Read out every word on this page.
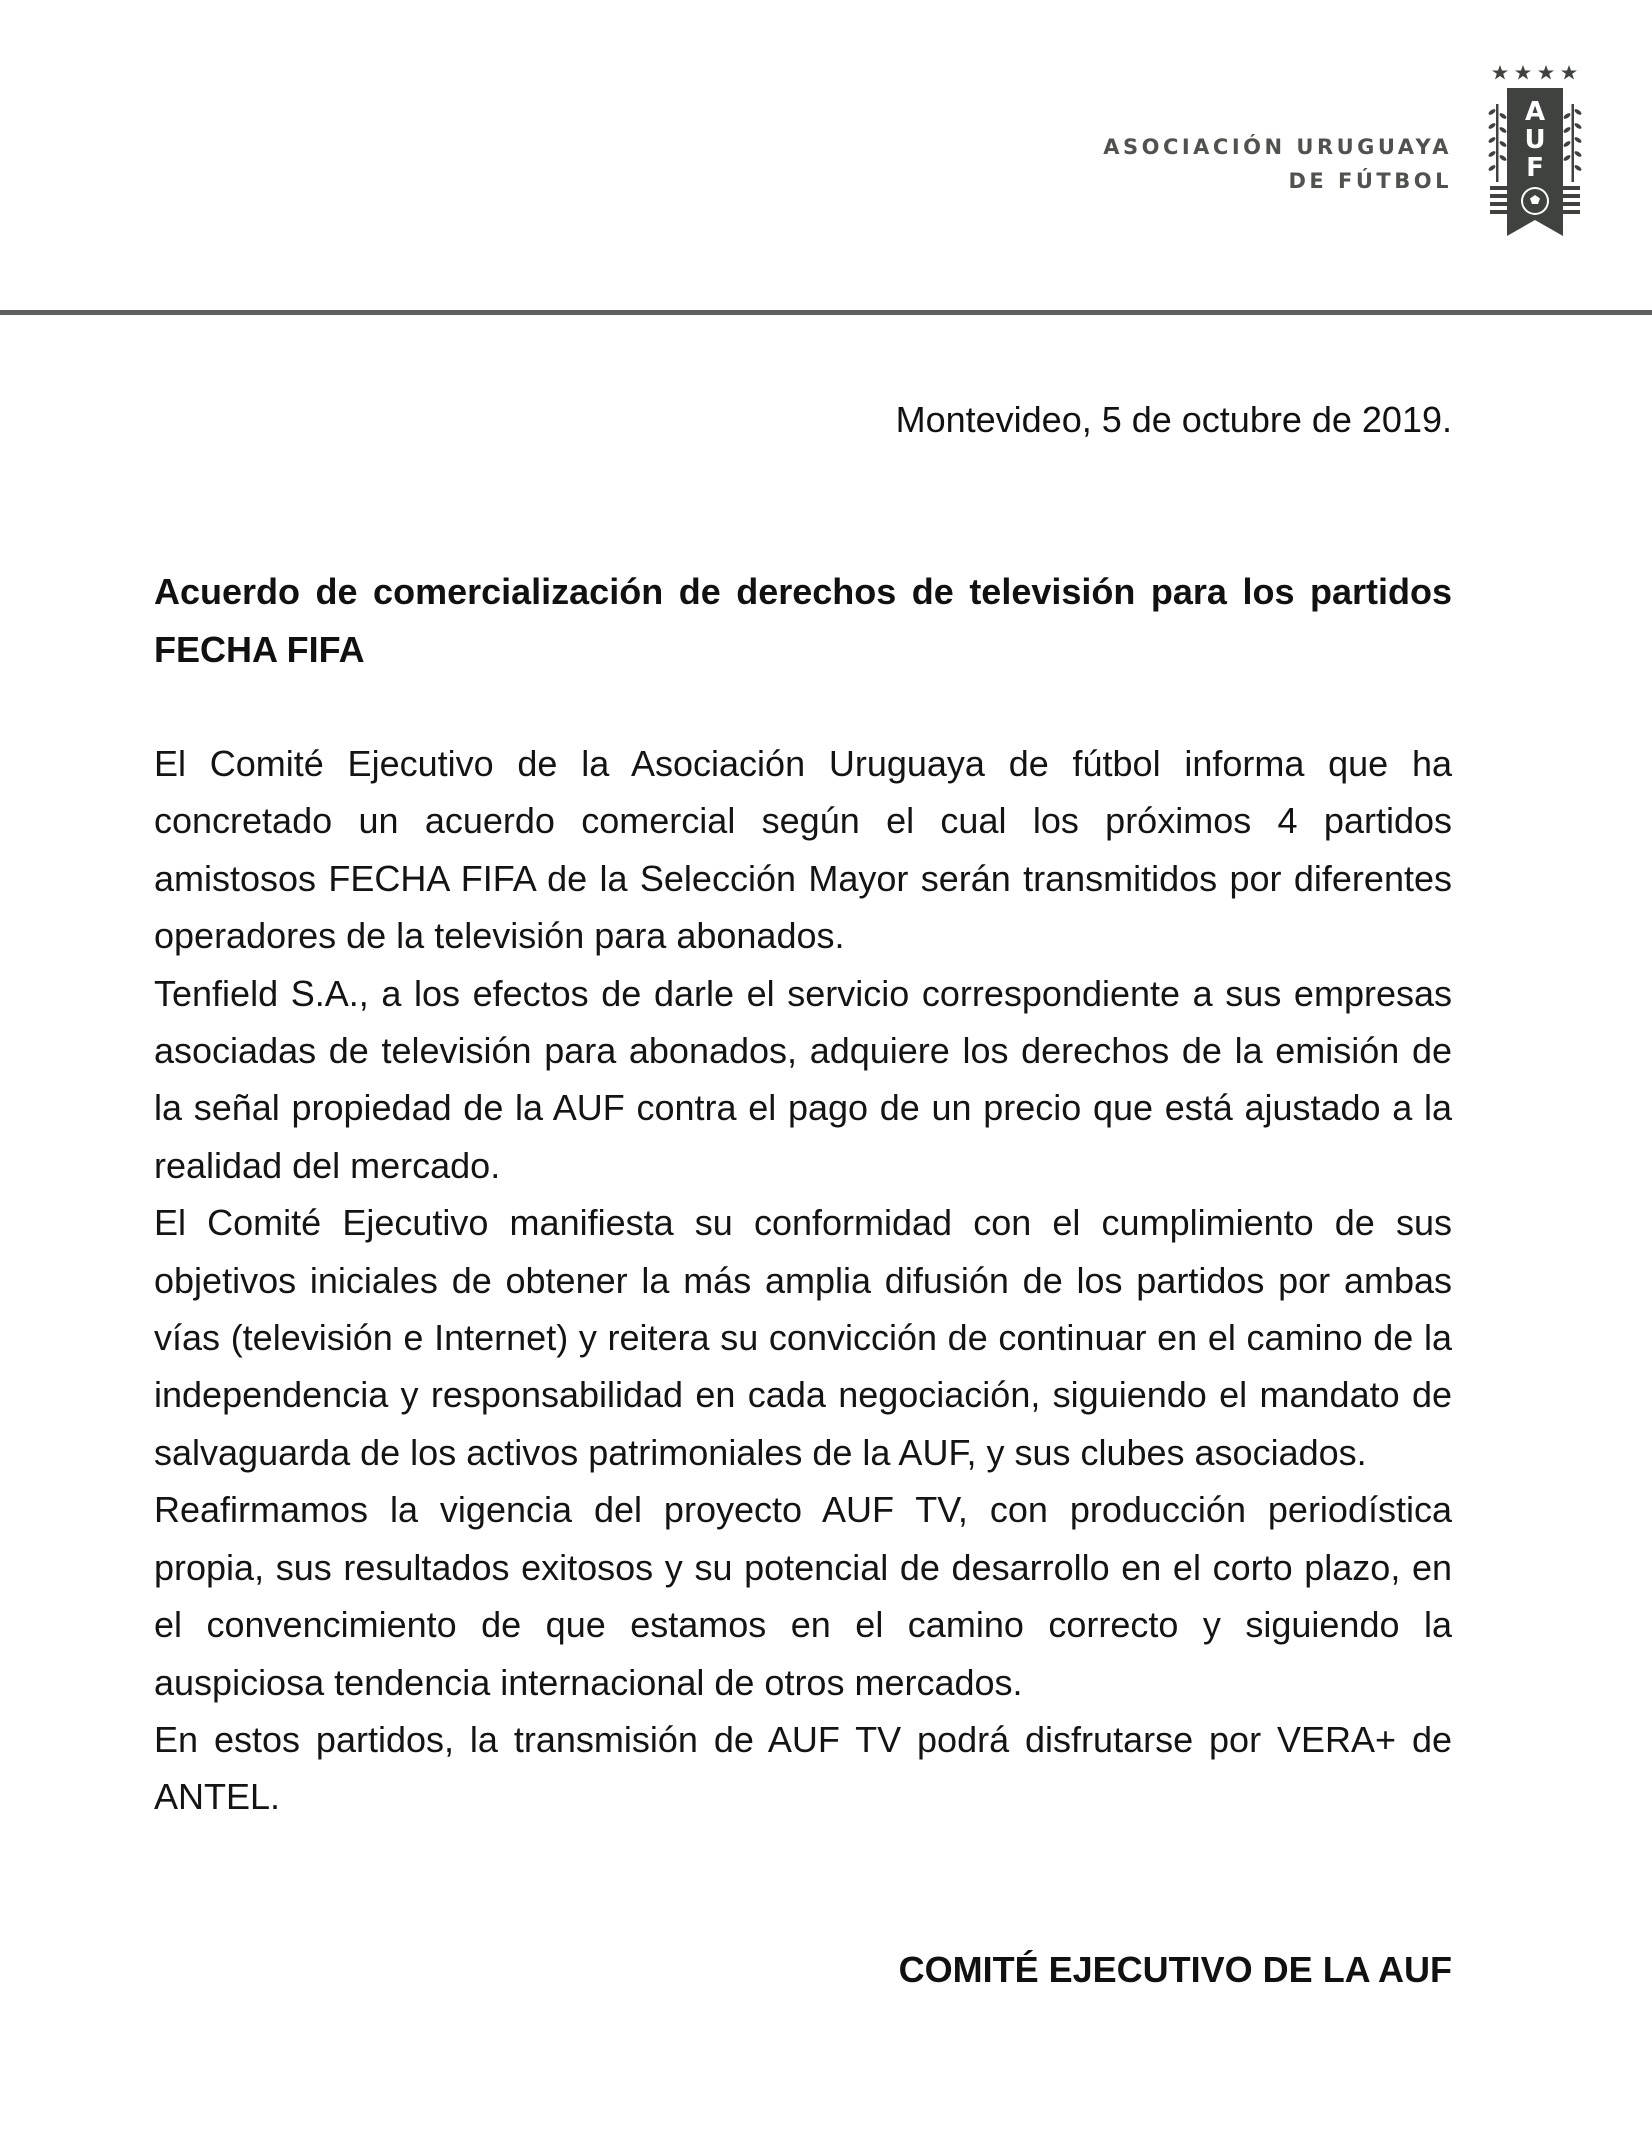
ASOCIACIÓN URUGUAYA
DE FÚTBOL
A
U
F
Montevideo, 5 de octubre de 2019.

Acuerdo de comercialización de derechos de televisión para los partidos FECHA FIFA

El Comité Ejecutivo de la Asociación Uruguaya de fútbol informa que ha concretado un acuerdo comercial según el cual los próximos 4 partidos amistosos FECHA FIFA de la Selección Mayor serán transmitidos por diferentes operadores de la televisión para abonados.

Tenfield S.A., a los efectos de darle el servicio correspondiente a sus empresas asociadas de televisión para abonados, adquiere los derechos de la emisión de la señal propiedad de la AUF contra el pago de un precio que está ajustado a la realidad del mercado.

El Comité Ejecutivo manifiesta su conformidad con el cumplimiento de sus objetivos iniciales de obtener la más amplia difusión de los partidos por ambas vías (televisión e Internet) y reitera su convicción de continuar en el camino de la independencia y responsabilidad en cada negociación, siguiendo el mandato de salvaguarda de los activos patrimoniales de la AUF, y sus clubes asociados.

Reafirmamos la vigencia del proyecto AUF TV, con producción periodística propia, sus resultados exitosos y su potencial de desarrollo en el corto plazo, en el convencimiento de que estamos en el camino correcto y siguiendo la auspiciosa tendencia internacional de otros mercados.

En estos partidos, la transmisión de AUF TV podrá disfrutarse por VERA+ de ANTEL.

COMITÉ EJECUTIVO DE LA AUF
